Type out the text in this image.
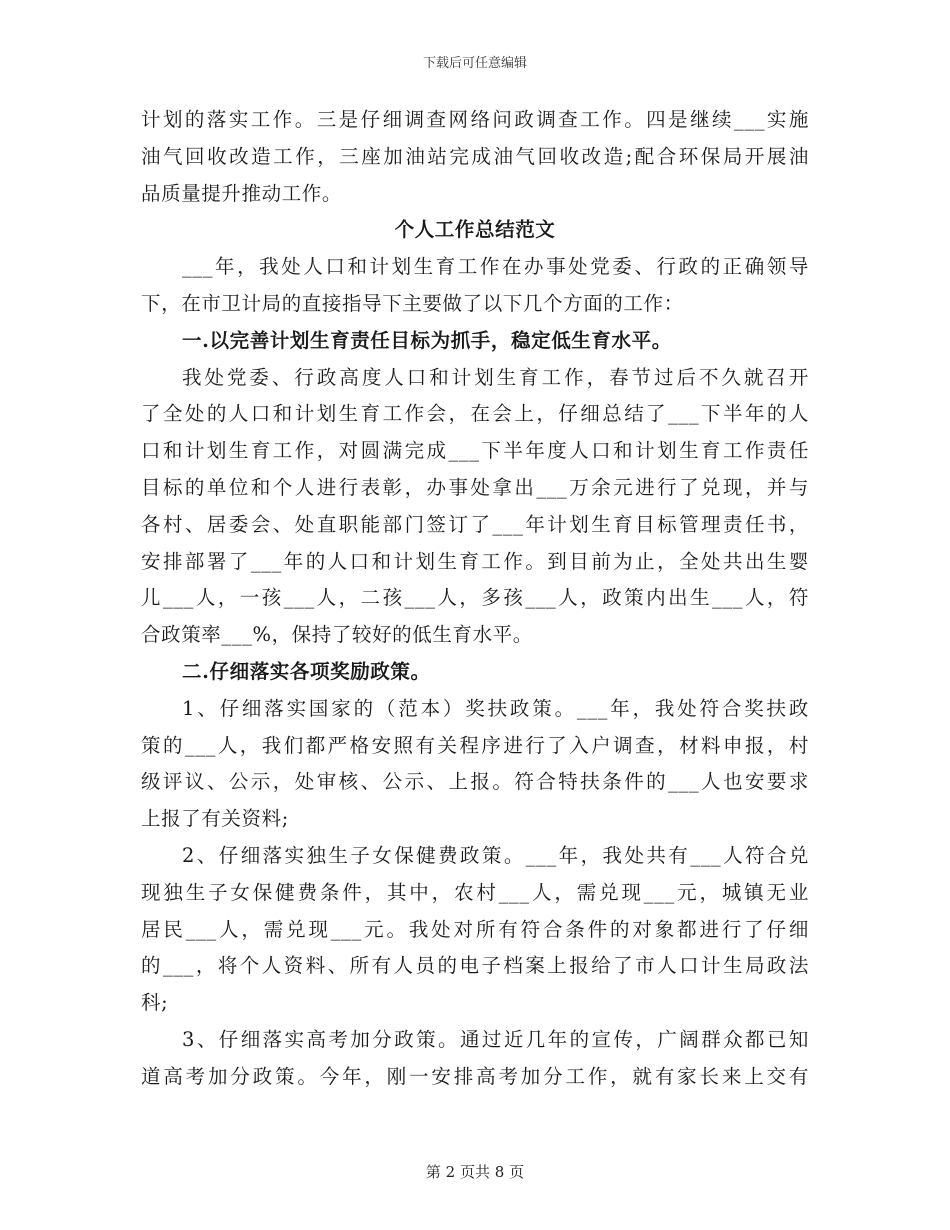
下载后可任意编辑
计划的落实工作。三是仔细调查网络问政调查工作。四是继续___实施
油气回收改造工作，三座加油站完成油气回收改造;配合环保局开展油
品质量提升推动工作。
个人工作总结范文
___年，我处人口和计划生育工作在办事处党委、行政的正确领导
下，在市卫计局的直接指导下主要做了以下几个方面的工作：
一.以完善计划生育责任目标为抓手，稳定低生育水平。
我处党委、行政高度人口和计划生育工作，春节过后不久就召开
了全处的人口和计划生育工作会，在会上，仔细总结了___下半年的人
口和计划生育工作，对圆满完成___下半年度人口和计划生育工作责任
目标的单位和个人进行表彰，办事处拿出___万余元进行了兑现，并与
各村、居委会、处直职能部门签订了___年计划生育目标管理责任书，
安排部署了___年的人口和计划生育工作。到目前为止，全处共出生婴
儿___人，一孩___人，二孩___人，多孩___人，政策内出生___人，符
合政策率___%，保持了较好的低生育水平。
二.仔细落实各项奖励政策。
1、仔细落实国家的（范本）奖扶政策。___年，我处符合奖扶政
策的___人，我们都严格安照有关程序进行了入户调查，材料申报，村
级评议、公示，处审核、公示、上报。符合特扶条件的___人也安要求
上报了有关资料;
2、仔细落实独生子女保健费政策。___年，我处共有___人符合兑
现独生子女保健费条件，其中，农村___人，需兑现___元，城镇无业
居民___人，需兑现___元。我处对所有符合条件的对象都进行了仔细
的___，将个人资料、所有人员的电子档案上报给了市人口计生局政法
科;
3、仔细落实高考加分政策。通过近几年的宣传，广阔群众都已知
道高考加分政策。今年，刚一安排高考加分工作，就有家长来上交有
第 2 页共 8 页
